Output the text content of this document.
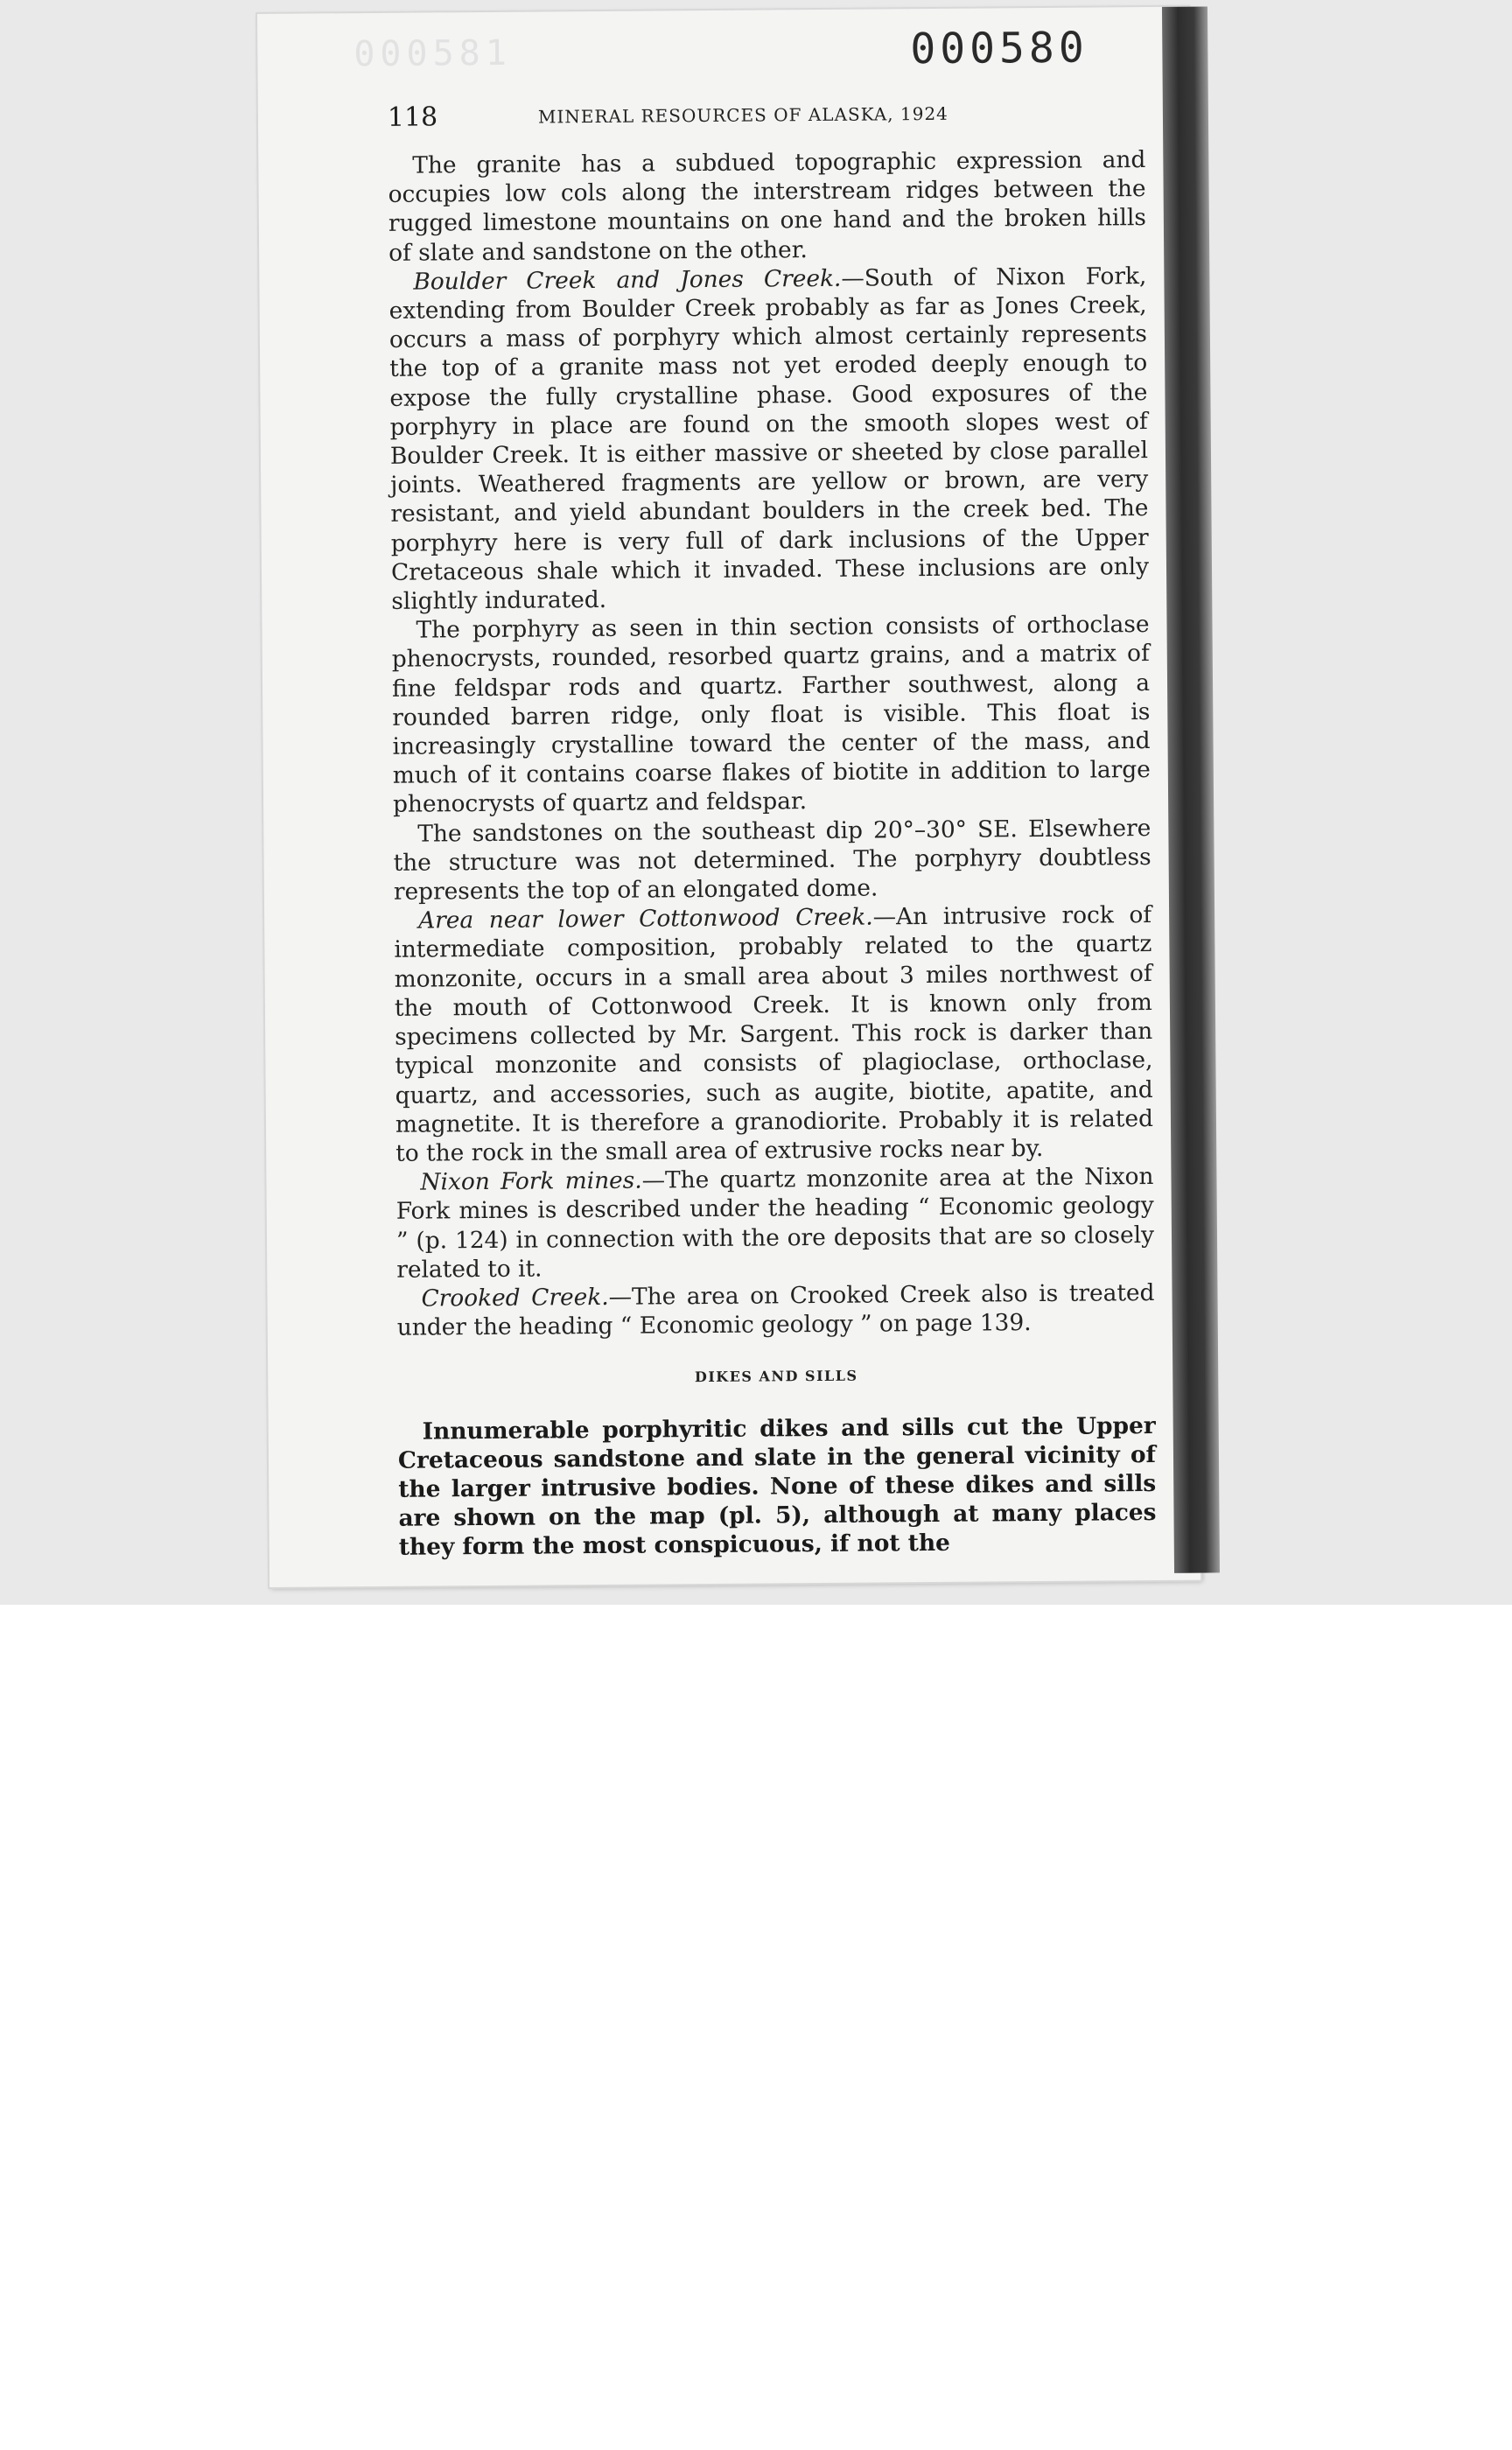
000581	000580
118	MINERAL RESOURCES OF ALASKA, 1924

The granite has a subdued topographic expression and occupies low cols along the interstream ridges between the rugged limestone mountains on one hand and the broken hills of slate and sandstone on the other.

Boulder Creek and Jones Creek.—South of Nixon Fork, extending from Boulder Creek probably as far as Jones Creek, occurs a mass of porphyry which almost certainly represents the top of a granite mass not yet eroded deeply enough to expose the fully crystalline phase. Good exposures of the porphyry in place are found on the smooth slopes west of Boulder Creek. It is either massive or sheeted by close parallel joints. Weathered fragments are yellow or brown, are very resistant, and yield abundant boulders in the creek bed. The porphyry here is very full of dark inclusions of the Upper Cretaceous shale which it invaded. These inclusions are only slightly indurated.

The porphyry as seen in thin section consists of orthoclase phenocrysts, rounded, resorbed quartz grains, and a matrix of fine feldspar rods and quartz. Farther southwest, along a rounded barren ridge, only float is visible. This float is increasingly crystalline toward the center of the mass, and much of it contains coarse flakes of biotite in addition to large phenocrysts of quartz and feldspar.

The sandstones on the southeast dip 20°–30° SE. Elsewhere the structure was not determined. The porphyry doubtless represents the top of an elongated dome.

Area near lower Cottonwood Creek.—An intrusive rock of intermediate composition, probably related to the quartz monzonite, occurs in a small area about 3 miles northwest of the mouth of Cottonwood Creek. It is known only from specimens collected by Mr. Sargent. This rock is darker than typical monzonite and consists of plagioclase, orthoclase, quartz, and accessories, such as augite, biotite, apatite, and magnetite. It is therefore a granodiorite. Probably it is related to the rock in the small area of extrusive rocks near by.

Nixon Fork mines.—The quartz monzonite area at the Nixon Fork mines is described under the heading “ Economic geology ” (p. 124) in connection with the ore deposits that are so closely related to it.

Crooked Creek.—The area on Crooked Creek also is treated under the heading “ Economic geology ” on page 139.

DIKES AND SILLS

Innumerable porphyritic dikes and sills cut the Upper Cretaceous sandstone and slate in the general vicinity of the larger intrusive bodies. None of these dikes and sills are shown on the map (pl. 5), although at many places they form the most conspicuous, if not the
